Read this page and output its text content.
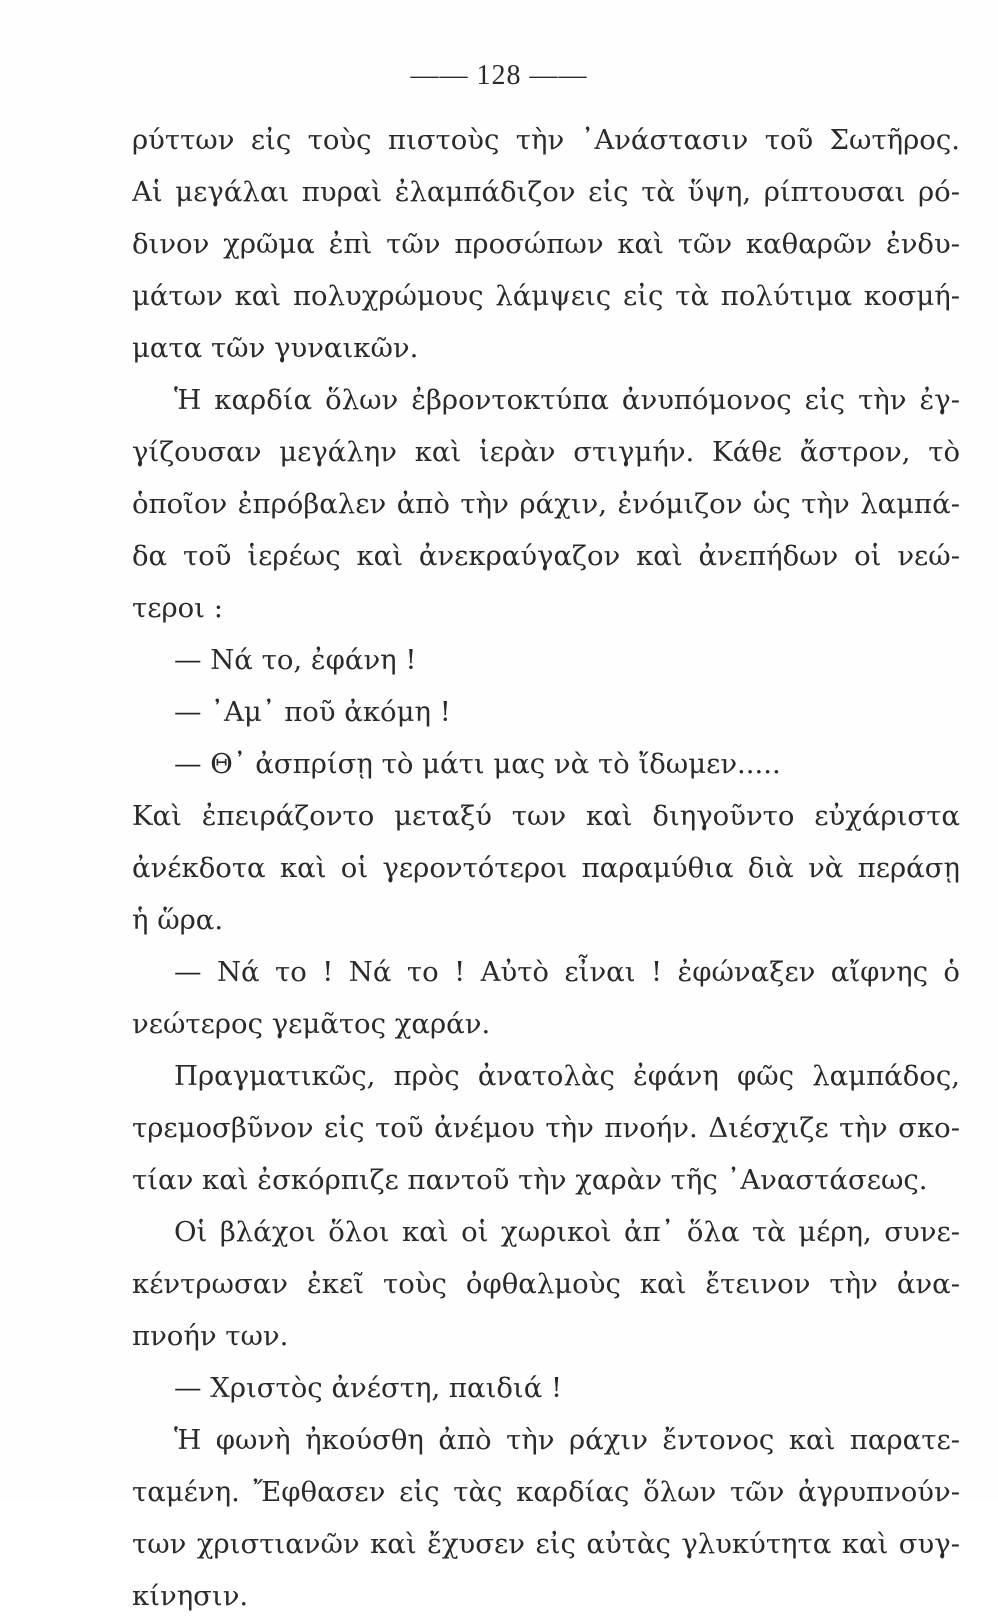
—— 128 ——
ρύττων εἰς τοὺς πιστοὺς τὴν ᾿Ανάστασιν τοῦ Σωτῆρος.
Αἱ μεγάλαι πυραὶ ἐλαμπάδιζον εἰς τὰ ὕψη, ρίπτουσαι ρό-
δινον χρῶμα ἐπὶ τῶν προσώπων καὶ τῶν καθαρῶν ἐνδυ-
μάτων καὶ πολυχρώμους λάμψεις εἰς τὰ πολύτιμα κοσμή-
ματα τῶν γυναικῶν.
Ἡ καρδία ὅλων ἐβροντοκτύπα ἀνυπόμονος εἰς τὴν ἐγ-
γίζουσαν μεγάλην καὶ ἱερὰν στιγμήν. Κάθε ἄστρον, τὸ
ὁποῖον ἐπρόβαλεν ἀπὸ τὴν ράχιν, ἐνόμιζον ὡς τὴν λαμπά-
δα τοῦ ἱερέως καὶ ἀνεκραύγαζον καὶ ἀνεπήδων οἱ νεώ-
τεροι :
— Νά το, ἐφάνη !
— ᾿Αμ᾿ ποῦ ἀκόμη !
— Θ᾿ ἀσπρίσῃ τὸ μάτι μας νὰ τὸ ἴδωμεν.....
Καὶ ἐπειράζοντο μεταξύ των καὶ διηγοῦντο εὐχάριστα
ἀνέκδοτα καὶ οἱ γεροντότεροι παραμύθια διὰ νὰ περάσῃ
ἡ ὥρα.
— Νά το ! Νά το ! Αὐτὸ εἶναι ! ἐφώναξεν αἴφνης ὁ
νεώτερος γεμᾶτος χαράν.
Πραγματικῶς, πρὸς ἀνατολὰς ἐφάνη φῶς λαμπάδος,
τρεμοσβῦνον εἰς τοῦ ἀνέμου τὴν πνοήν. Διέσχιζε τὴν σκο-
τίαν καὶ ἐσκόρπιζε παντοῦ τὴν χαρὰν τῆς ᾿Αναστάσεως.
Οἱ βλάχοι ὅλοι καὶ οἱ χωρικοὶ ἀπ᾿ ὅλα τὰ μέρη, συνε-
κέντρωσαν ἐκεῖ τοὺς ὀφθαλμοὺς καὶ ἔτεινον τὴν ἀνα-
πνοήν των.
— Χριστὸς ἀνέστη, παιδιά !
Ἡ φωνὴ ἠκούσθη ἀπὸ τὴν ράχιν ἔντονος καὶ παρατε-
ταμένη. Ἔφθασεν εἰς τὰς καρδίας ὅλων τῶν ἀγρυπνούν-
των χριστιανῶν καὶ ἔχυσεν εἰς αὐτὰς γλυκύτητα καὶ συγ-
κίνησιν.
